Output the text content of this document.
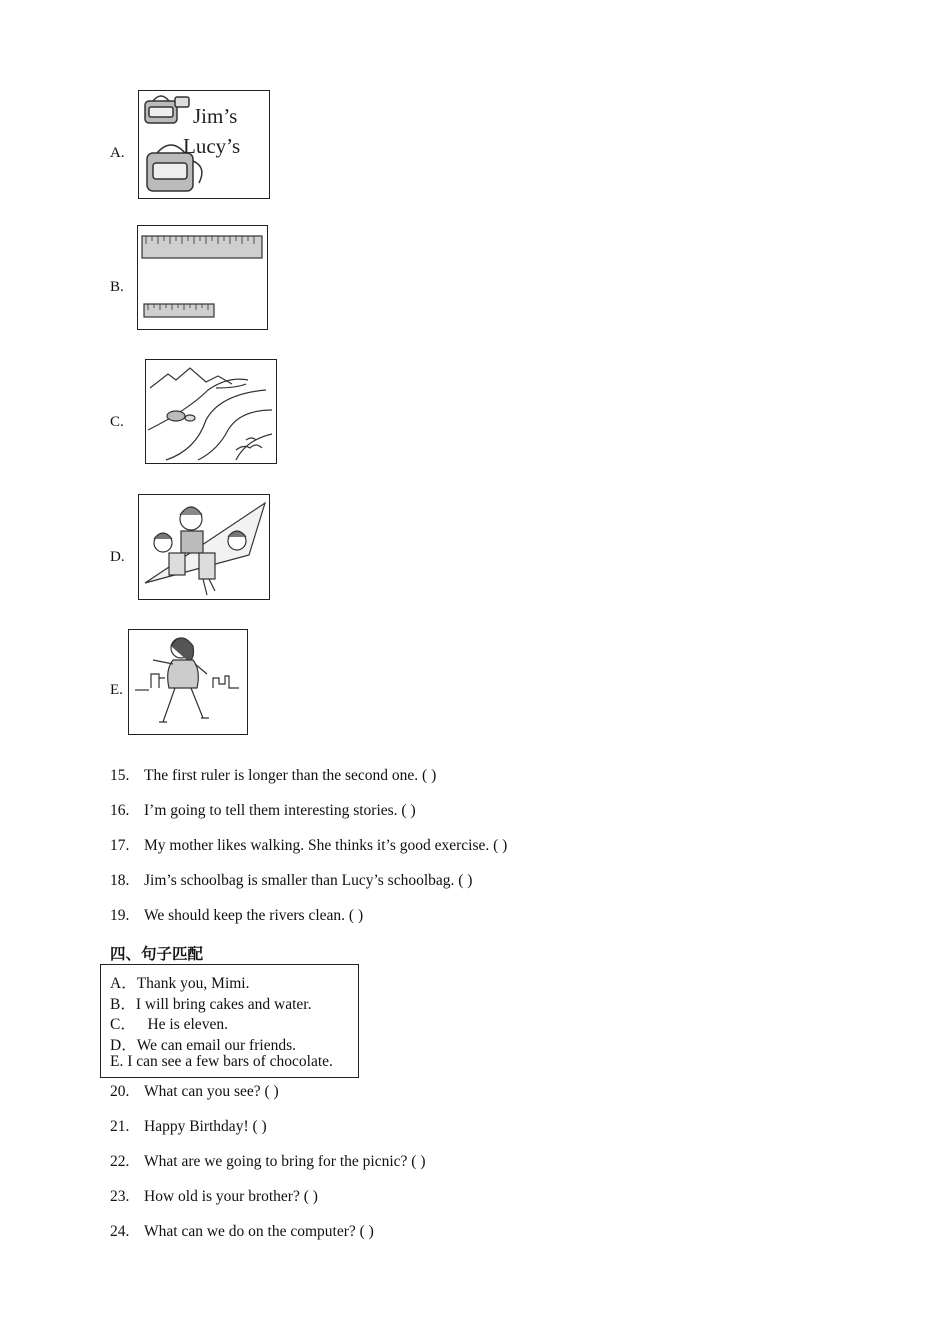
A.
Jim’s
Lucy’s
B.
C.
D.
E.
15. The first ruler is longer than the second one. ( )
16. I’m going to tell them interesting stories. ( )
17. My mother likes walking. She thinks it’s good exercise. ( )
18. Jim’s schoolbag is smaller than Lucy’s schoolbag. ( )
19. We should keep the rivers clean. ( )
四、句子匹配
A．Thank you, Mimi.
B．I will bring cakes and water.
C．   He is eleven.
D．We can email our friends.
E. I can see a few bars of chocolate.
20. What can you see? ( )
21. Happy Birthday! ( )
22. What are we going to bring for the picnic? ( )
23. How old is your brother? ( )
24. What can we do on the computer? ( )
